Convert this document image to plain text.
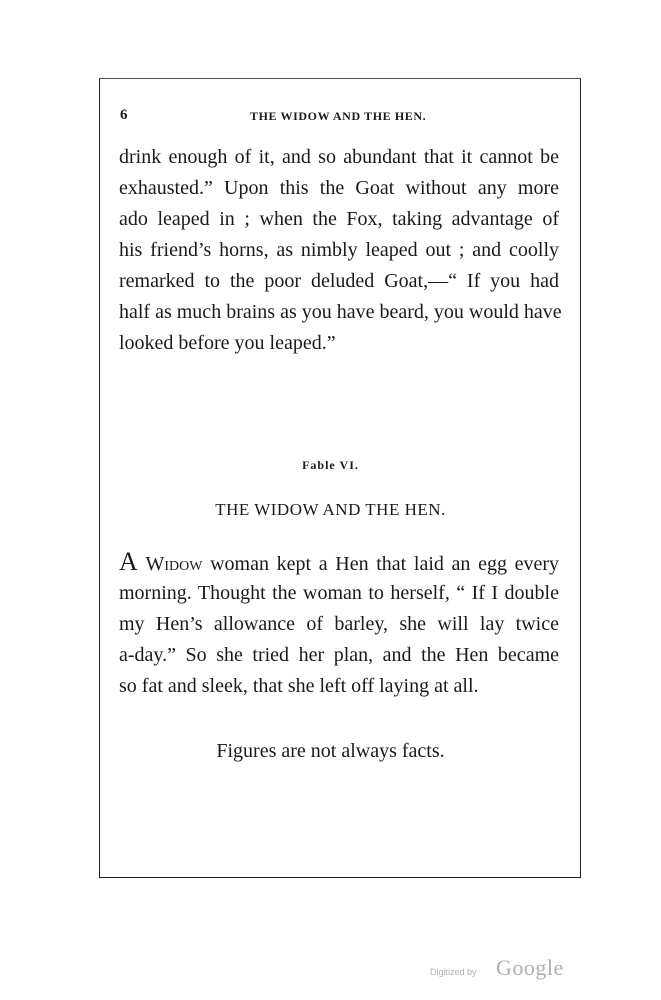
6	THE WIDOW AND THE HEN.
drink enough of it, and so abundant that it cannot be
exhausted.” Upon this the Goat without any more
ado leaped in ; when the Fox, taking advantage of
his friend’s horns, as nimbly leaped out ; and coolly
remarked to the poor deluded Goat,—“ If you had
half as much brains as you have beard, you would have
looked before you leaped.”
Fable VI.
THE WIDOW AND THE HEN.
A Widow woman kept a Hen that laid an egg every
morning. Thought the woman to herself, “ If I double
my Hen’s allowance of barley, she will lay twice
a-day.” So she tried her plan, and the Hen became
so fat and sleek, that she left off laying at all.
Figures are not always facts.
Digitized by Google
